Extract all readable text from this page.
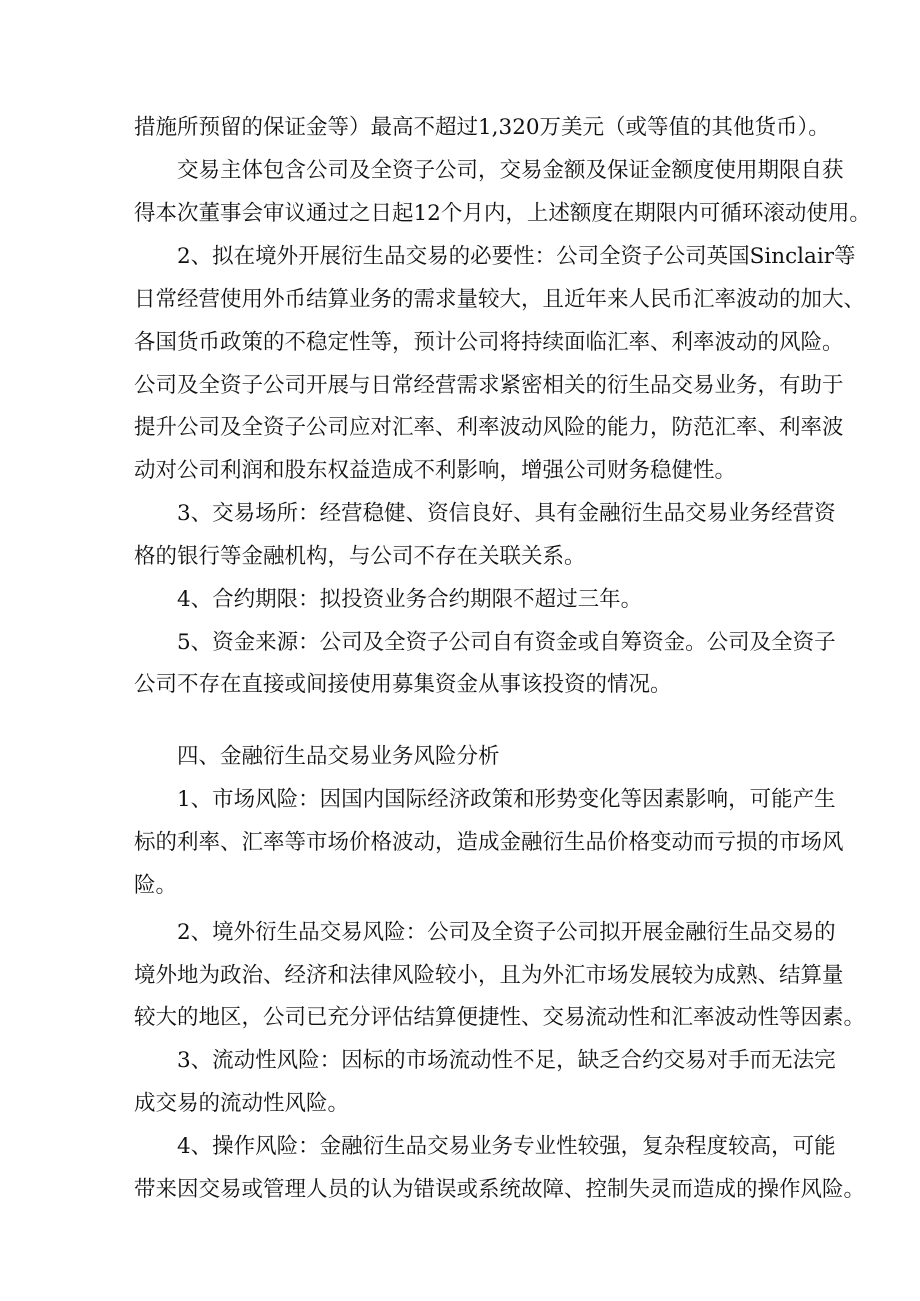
措施所预留的保证金等）最高不超过1,320万美元（或等值的其他货币）。

交易主体包含公司及全资子公司，交易金额及保证金额度使用期限自获

得本次董事会审议通过之日起12个月内，上述额度在期限内可循环滚动使用。

2、拟在境外开展衍生品交易的必要性：公司全资子公司英国Sinclair等

日常经营使用外币结算业务的需求量较大，且近年来人民币汇率波动的加大、

各国货币政策的不稳定性等，预计公司将持续面临汇率、利率波动的风险。

公司及全资子公司开展与日常经营需求紧密相关的衍生品交易业务，有助于

提升公司及全资子公司应对汇率、利率波动风险的能力，防范汇率、利率波

动对公司利润和股东权益造成不利影响，增强公司财务稳健性。

3、交易场所：经营稳健、资信良好、具有金融衍生品交易业务经营资

格的银行等金融机构，与公司不存在关联关系。

4、合约期限：拟投资业务合约期限不超过三年。

5、资金来源：公司及全资子公司自有资金或自筹资金。公司及全资子

公司不存在直接或间接使用募集资金从事该投资的情况。

四、金融衍生品交易业务风险分析

1、市场风险：因国内国际经济政策和形势变化等因素影响，可能产生

标的利率、汇率等市场价格波动，造成金融衍生品价格变动而亏损的市场风

险。

2、境外衍生品交易风险：公司及全资子公司拟开展金融衍生品交易的

境外地为政治、经济和法律风险较小，且为外汇市场发展较为成熟、结算量

较大的地区，公司已充分评估结算便捷性、交易流动性和汇率波动性等因素。

3、流动性风险：因标的市场流动性不足，缺乏合约交易对手而无法完

成交易的流动性风险。

4、操作风险：金融衍生品交易业务专业性较强，复杂程度较高，可能

带来因交易或管理人员的认为错误或系统故障、控制失灵而造成的操作风险。
